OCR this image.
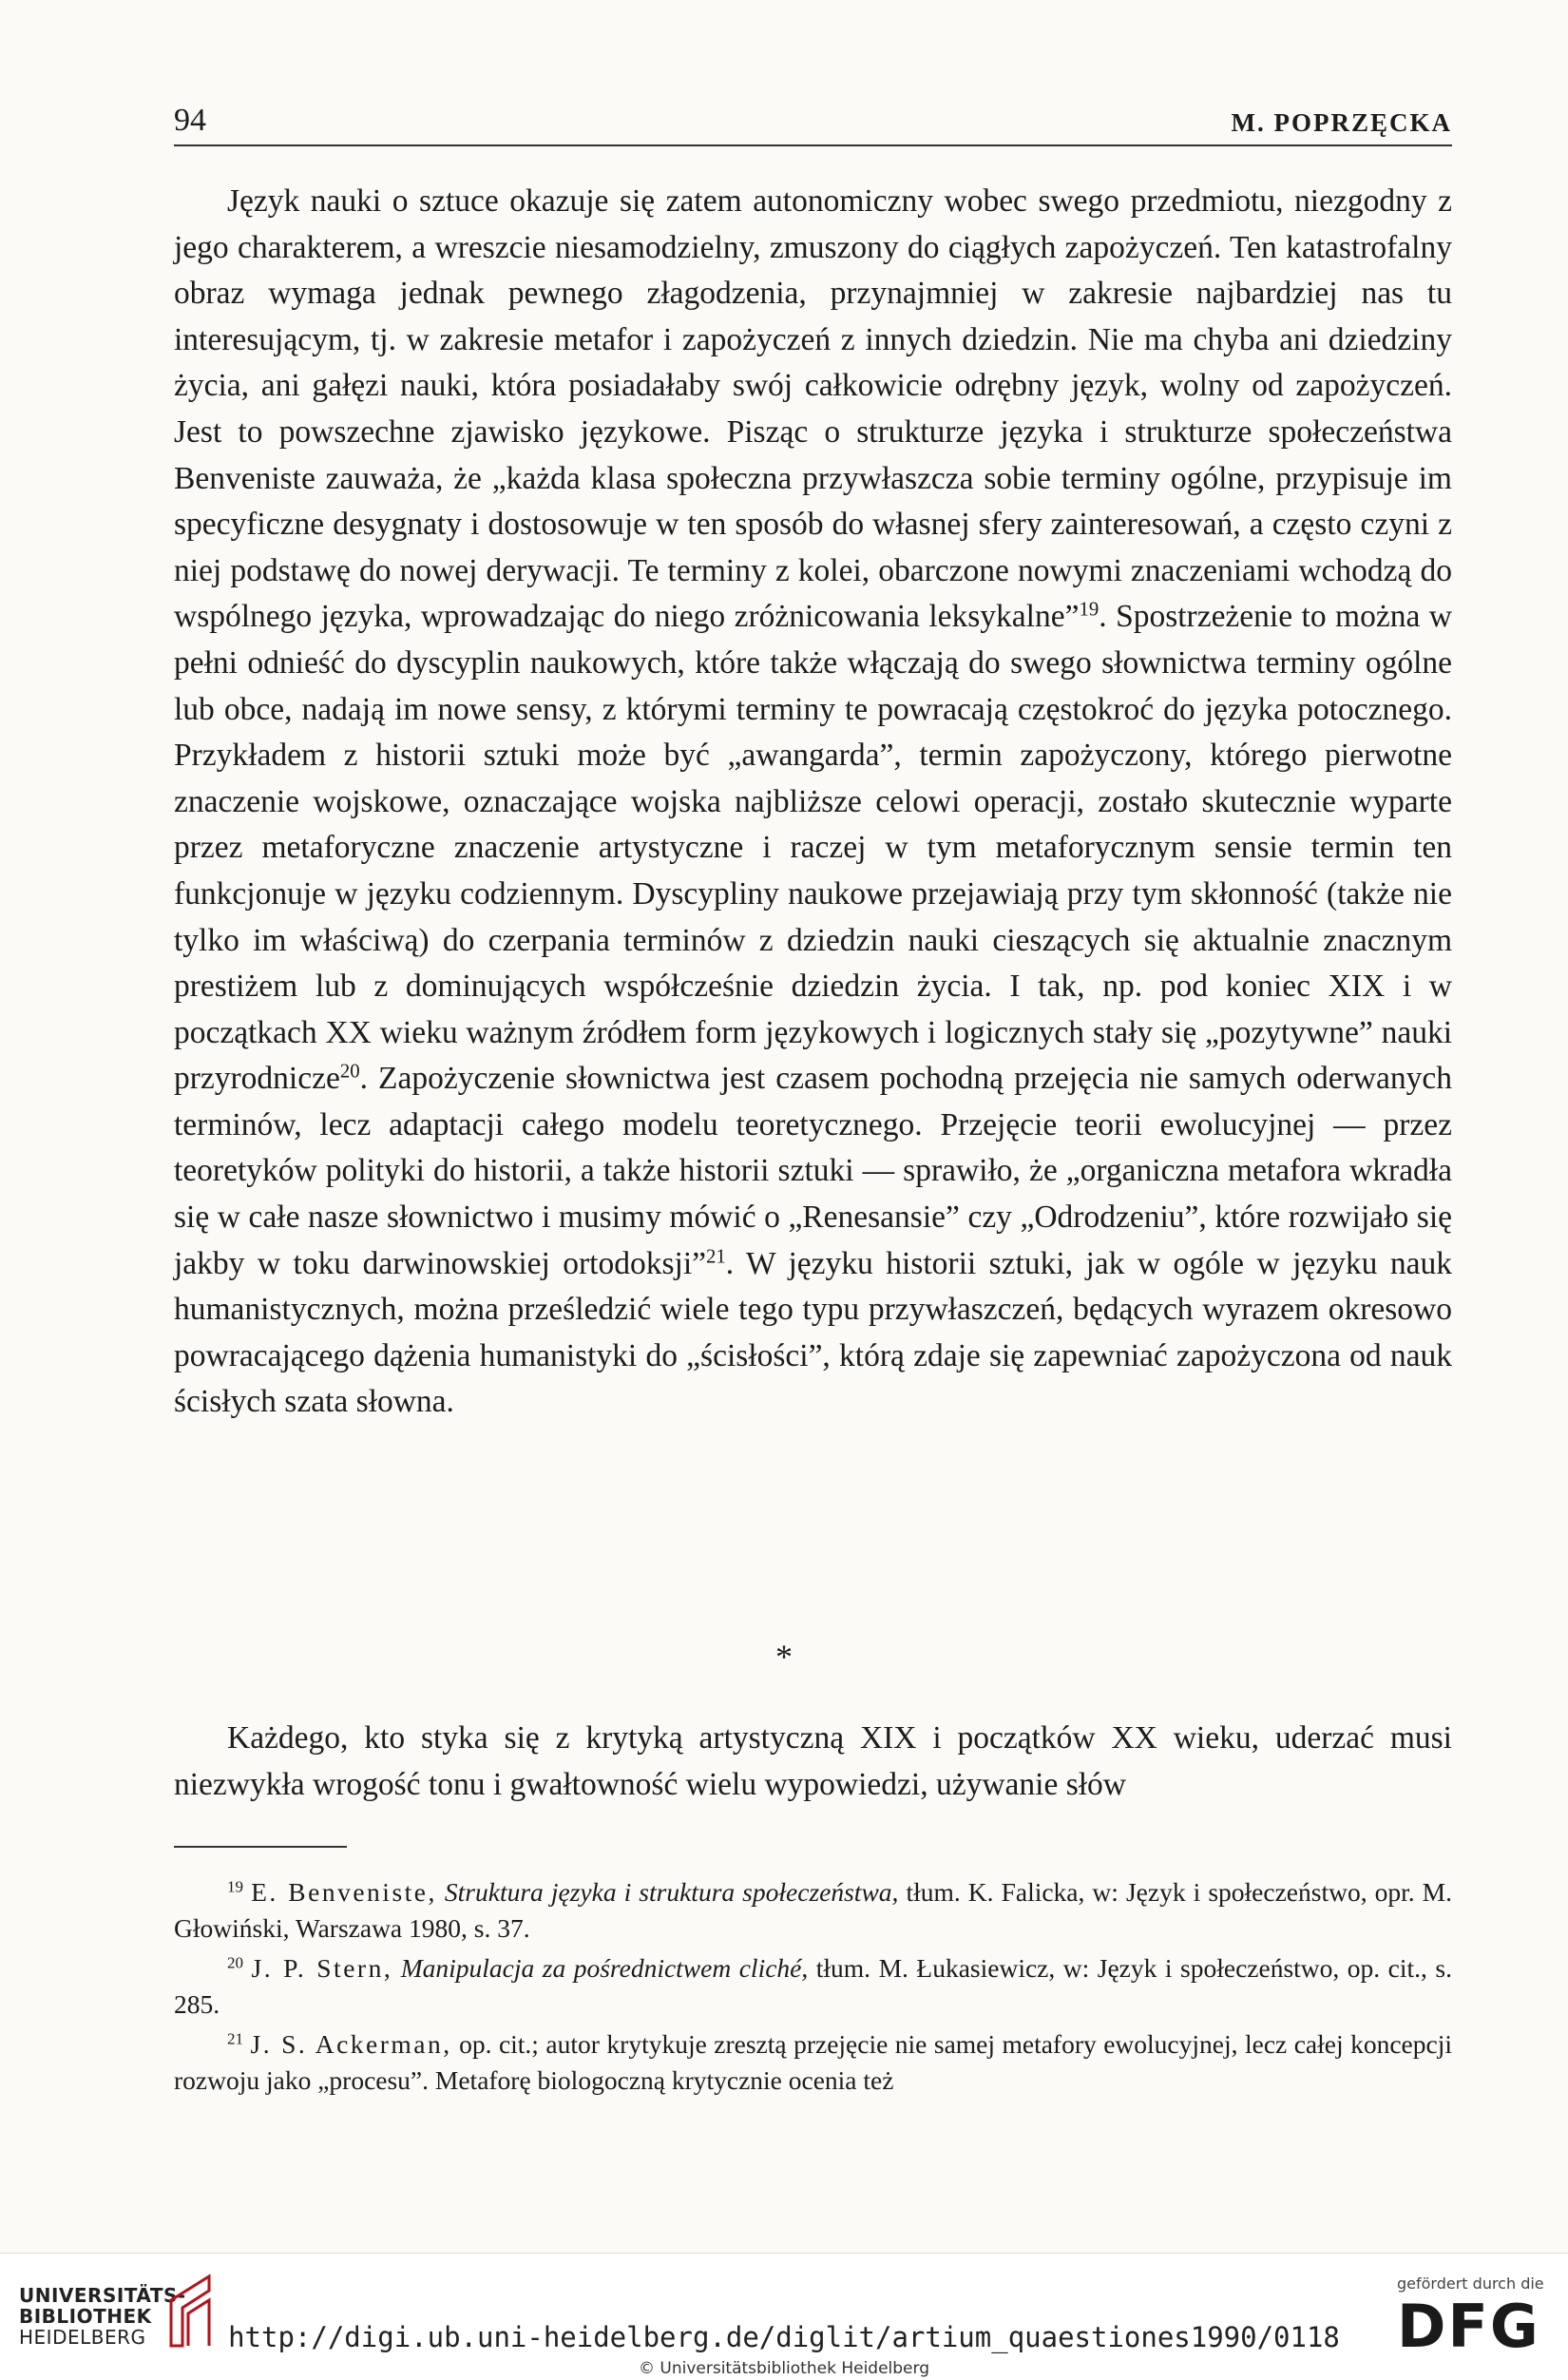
94	M. POPRZĘCKA

Język nauki o sztuce okazuje się zatem autonomiczny wobec swego przedmiotu, niezgodny z jego charakterem, a wreszcie niesamodzielny, zmuszony do ciągłych zapożyczeń. Ten katastrofalny obraz wymaga jednak pewnego złagodzenia, przynajmniej w zakresie najbardziej nas tu interesującym, tj. w zakresie metafor i zapożyczeń z innych dziedzin. Nie ma chyba ani dziedziny życia, ani gałęzi nauki, która posiadałaby swój całkowicie odrębny język, wolny od zapożyczeń. Jest to powszechne zjawisko językowe. Pisząc o strukturze języka i strukturze społeczeństwa Benveniste zauważa, że „każda klasa społeczna przywłaszcza sobie terminy ogólne, przypisuje im specyficzne desygnaty i dostosowuje w ten sposób do własnej sfery zainteresowań, a często czyni z niej podstawę do nowej derywacji. Te terminy z kolei, obarczone nowymi znaczeniami wchodzą do wspólnego języka, wprowadzając do niego zróżnicowania leksykalne”$^{19}$. Spostrzeżenie to można w pełni odnieść do dyscyplin naukowych, które także włączają do swego słownictwa terminy ogólne lub obce, nadają im nowe sensy, z którymi terminy te powracają częstokroć do języka potocznego. Przykładem z historii sztuki może być „awangarda”, termin zapożyczony, którego pierwotne znaczenie wojskowe, oznaczające wojska najbliższe celowi operacji, zostało skutecznie wyparte przez metaforyczne znaczenie artystyczne i raczej w tym metaforycznym sensie termin ten funkcjonuje w języku codziennym. Dyscypliny naukowe przejawiają przy tym skłonność (także nie tylko im właściwą) do czerpania terminów z dziedzin nauki cieszących się aktualnie znacznym prestiżem lub z dominujących współcześnie dziedzin życia. I tak, np. pod koniec XIX i w początkach XX wieku ważnym źródłem form językowych i logicznych stały się „pozytywne” nauki przyrodnicze$^{20}$. Zapożyczenie słownictwa jest czasem pochodną przejęcia nie samych oderwanych terminów, lecz adaptacji całego modelu teoretycznego. Przejęcie teorii ewolucyjnej — przez teoretyków polityki do historii, a także historii sztuki — sprawiło, że „organiczna metafora wkradła się w całe nasze słownictwo i musimy mówić o „Renesansie” czy „Odrodzeniu”, które rozwijało się jakby w toku darwinowskiej ortodoksji”$^{21}$. W języku historii sztuki, jak w ogóle w języku nauk humanistycznych, można prześledzić wiele tego typu przywłaszczeń, będących wyrazem okresowo powracającego dążenia humanistyki do „ścisłości”, którą zdaje się zapewniać zapożyczona od nauk ścisłych szata słowna.

*

Każdego, kto styka się z krytyką artystyczną XIX i początków XX wieku, uderzać musi niezwykła wrogość tonu i gwałtowność wielu wypowiedzi, używanie słów

$^{19}$ E. Benveniste, Struktura języka i struktura społeczeństwa, tłum. K. Falicka, w: Język i społeczeństwo, opr. M. Głowiński, Warszawa 1980, s. 37.

$^{20}$ J. P. Stern, Manipulacja za pośrednictwem cliché, tłum. M. Łukasiewicz, w: Język i społeczeństwo, op. cit., s. 285.

$^{21}$ J. S. Ackerman, op. cit.; autor krytykuje zresztą przejęcie nie samej metafory ewolucyjnej, lecz całej koncepcji rozwoju jako „procesu”. Metaforę biologoczną krytycznie ocenia też

UNIVERSITÄTS-
BIBLIOTHEK
HEIDELBERG	http://digi.ub.uni-heidelberg.de/diglit/artium_quaestiones1990/0118
© Universitätsbibliothek Heidelberg
gefördert durch die
DFG
